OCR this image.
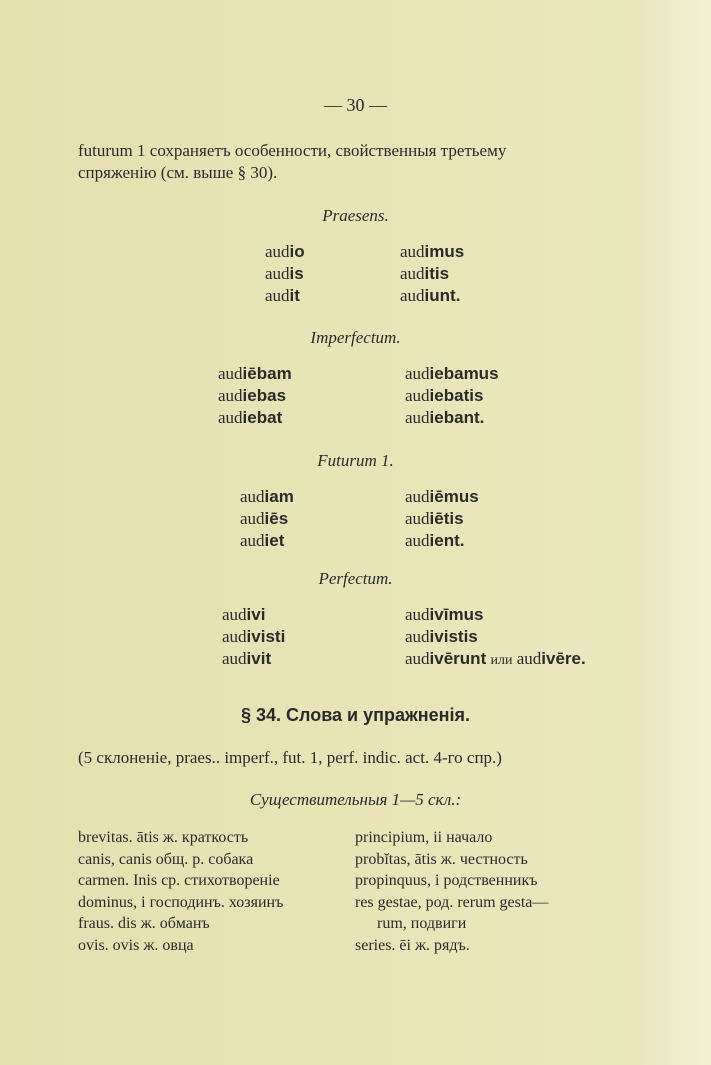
— 30 —
futurum 1 сохраняетъ особенности, свойственныя третьему
спряженію (см. выше § 30).
Praesens.
audio	audimus
audis	auditis
audit	audiunt.
Imperfectum.
audiēbam	audiebamus
audiebas	audiebatis
audiebat	audiebant.
Futurum 1.
audiam	audiēmus
audiēs	audiētis
audiet	audient.
Perfectum.
audivi	audivīmus
audivisti	audivistis
audivit	audivērunt или audivēre.
§ 34. Слова и упражненія.
(5 склоненіе, praes.. imperf., fut. 1, perf. indic. act. 4-го спр.)
Существительныя 1—5 скл.:
brevitas. ātis ж. краткость
canis, canis общ. р. собака
carmen. Inis ср. стихотвореніе
dominus, i господинъ. хозяинъ
fraus. dis ж. обманъ
ovis. ovis ж. овца
principium, ii начало
probĭtas, ātis ж. честность
propinquus, i родственникъ
res gestae, род. rerum gesta—
rum, подвиги
series. ēi ж. рядъ.
